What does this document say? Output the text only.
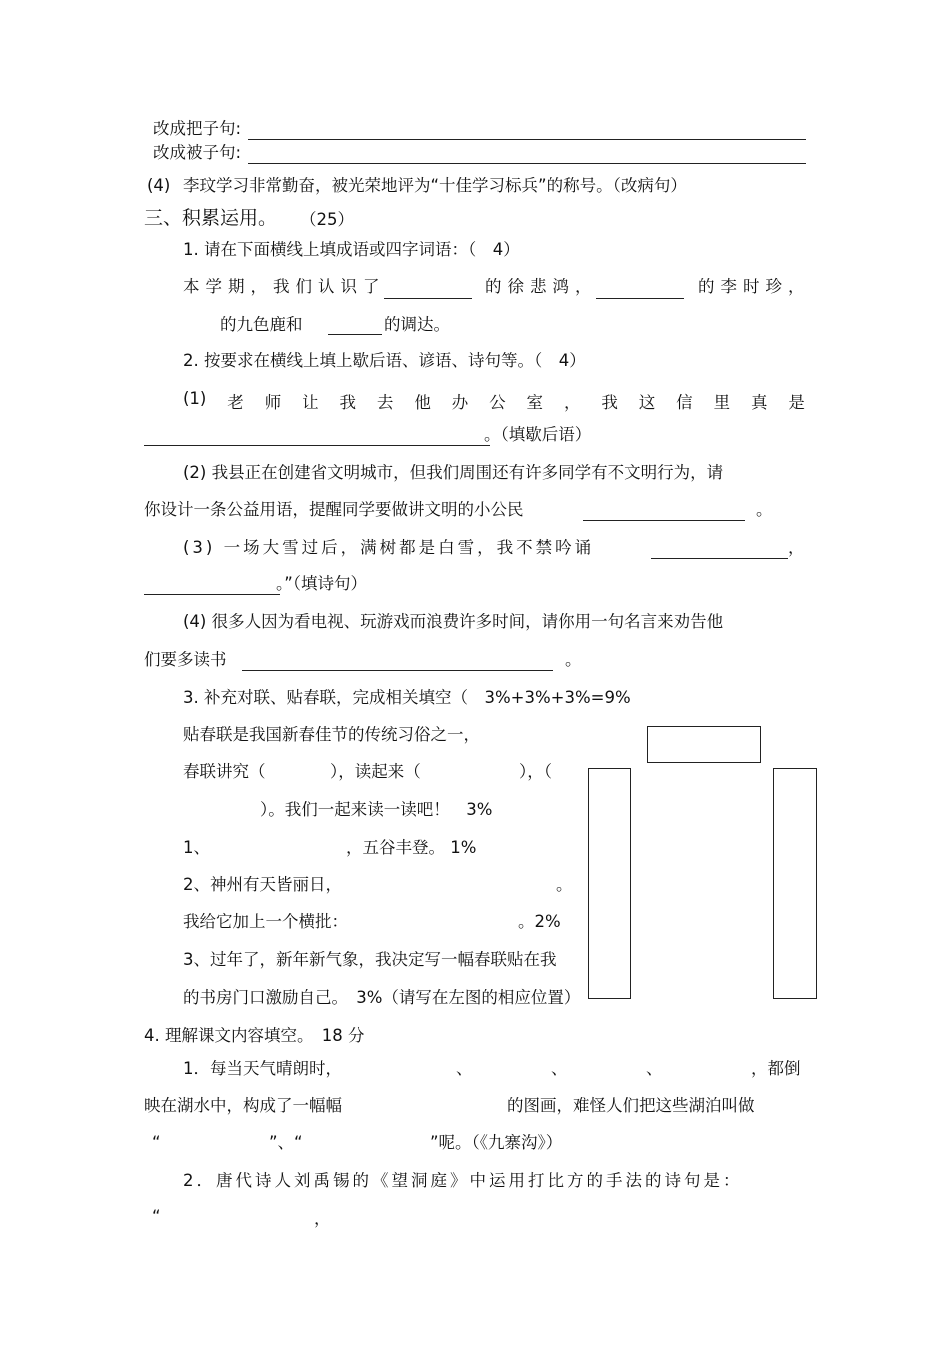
改成把子句:
改成被子句:
(4) 李玟学习非常勤奋，被光荣地评为“十佳学习标兵”的称号。（改病句）
三、积累运用。 （25）
1. 请在下面横线上填成语或四字词语：（　4）
本学期，我们认识了	的徐悲鸿，	的李时珍，
的九色鹿和	的调达。
2. 按要求在横线上填上歇后语、谚语、诗句等。（　4）
(1) 老 师 让 我 去 他 办 公 室 ， 我 这 信 里 真 是
。（填歇后语）
(2) 我县正在创建省文明城市，但我们周围还有许多同学有不文明行为，请
你设计一条公益用语，提醒同学要做讲文明的小公民	。
(3) 一场大雪过后，满树都是白雪，我不禁吟诵	，
。”（填诗句）
(4) 很多人因为看电视、玩游戏而浪费许多时间，请你用一句名言来劝告他
们要多读书	。
3. 补充对联、贴春联，完成相关填空（　3%+3%+3%=9%
贴春联是我国新春佳节的传统习俗之一，
春联讲究（	），读起来（	），（
）。我们一起来读一读吧！　3%
1、	，五谷丰登。 1%
2、神州有天皆丽日，	。
我给它加上一个横批：	。2%
3、过年了，新年新气象，我决定写一幅春联贴在我
的书房门口激励自己。　3%（请写在左图的相应位置）
4. 理解课文内容填空。　18 分
1．每当天气晴朗时，	、	、	、	，都倒
映在湖水中，构成了一幅幅	的图画，难怪人们把这些湖泊叫做
“	”、“	”呢。（《九寨沟》）
2．唐代诗人刘禹锡的《望洞庭》中运用打比方的手法的诗句是：
“	，
